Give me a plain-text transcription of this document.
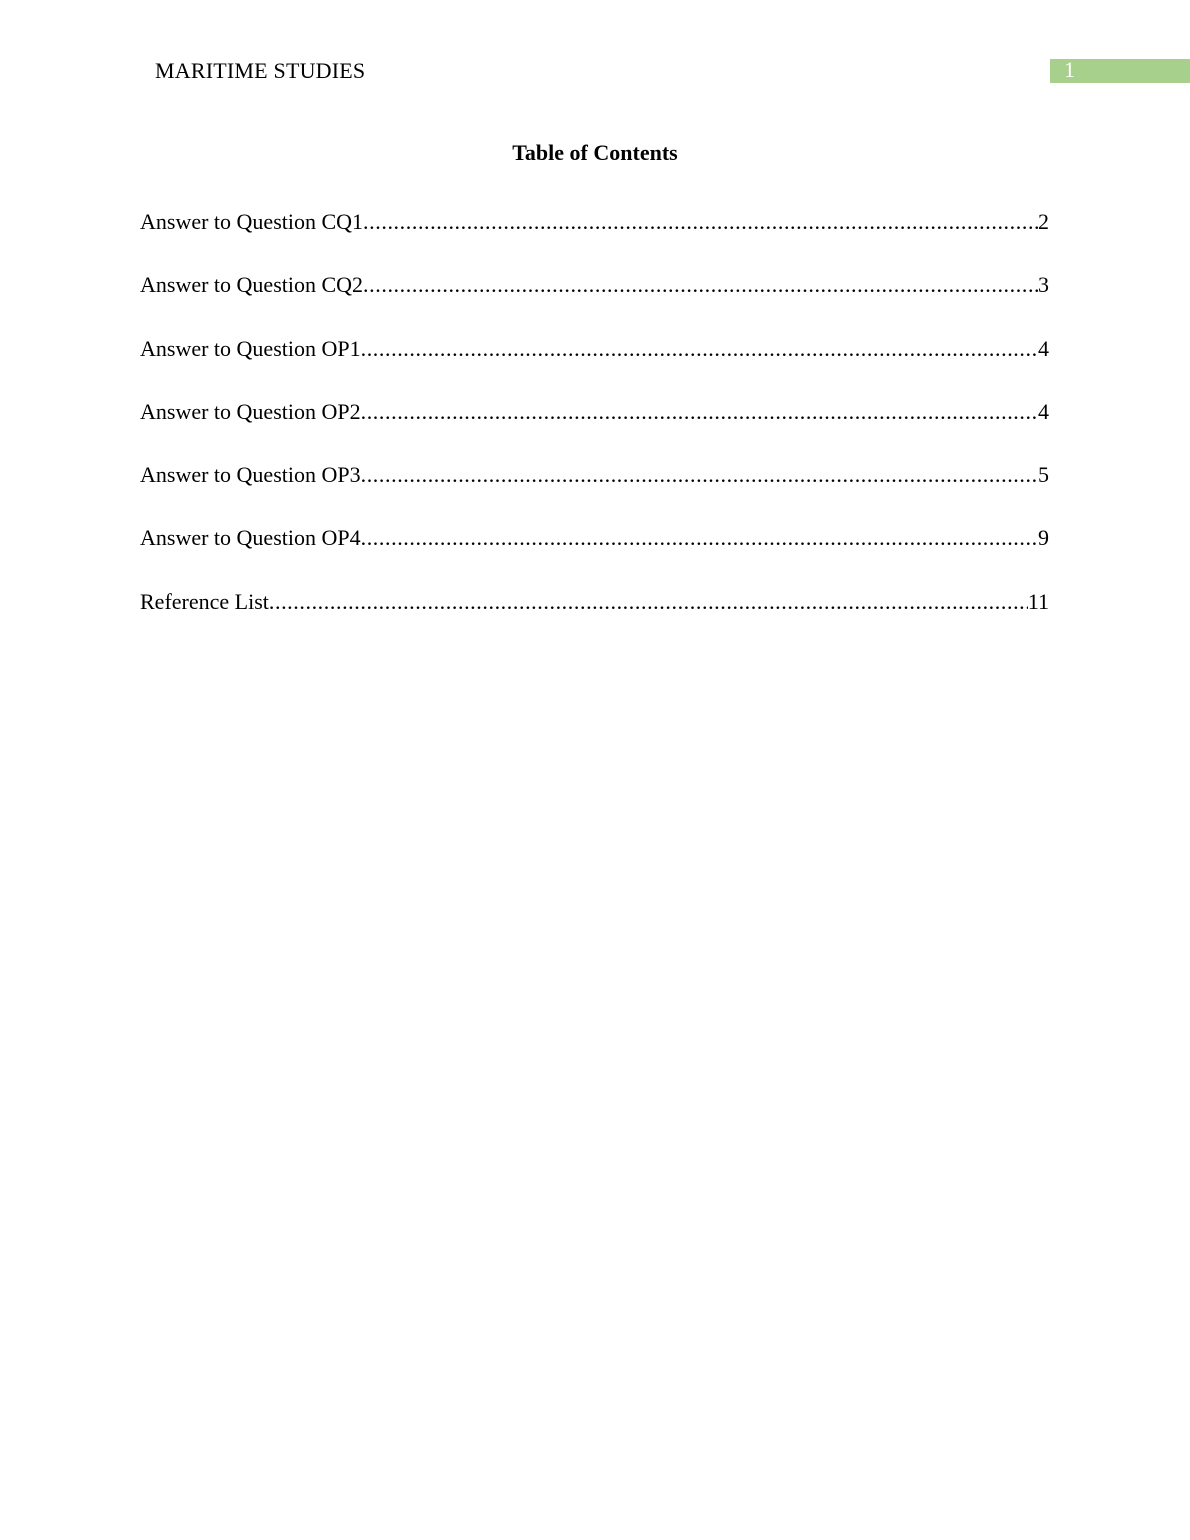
MARITIME STUDIES	1
Table of Contents
Answer to Question CQ1 .....	2
Answer to Question CQ2 .....	3
Answer to Question OP1 .....	4
Answer to Question OP2 .....	4
Answer to Question OP3 .....	5
Answer to Question OP4 .....	9
Reference List .....	11
